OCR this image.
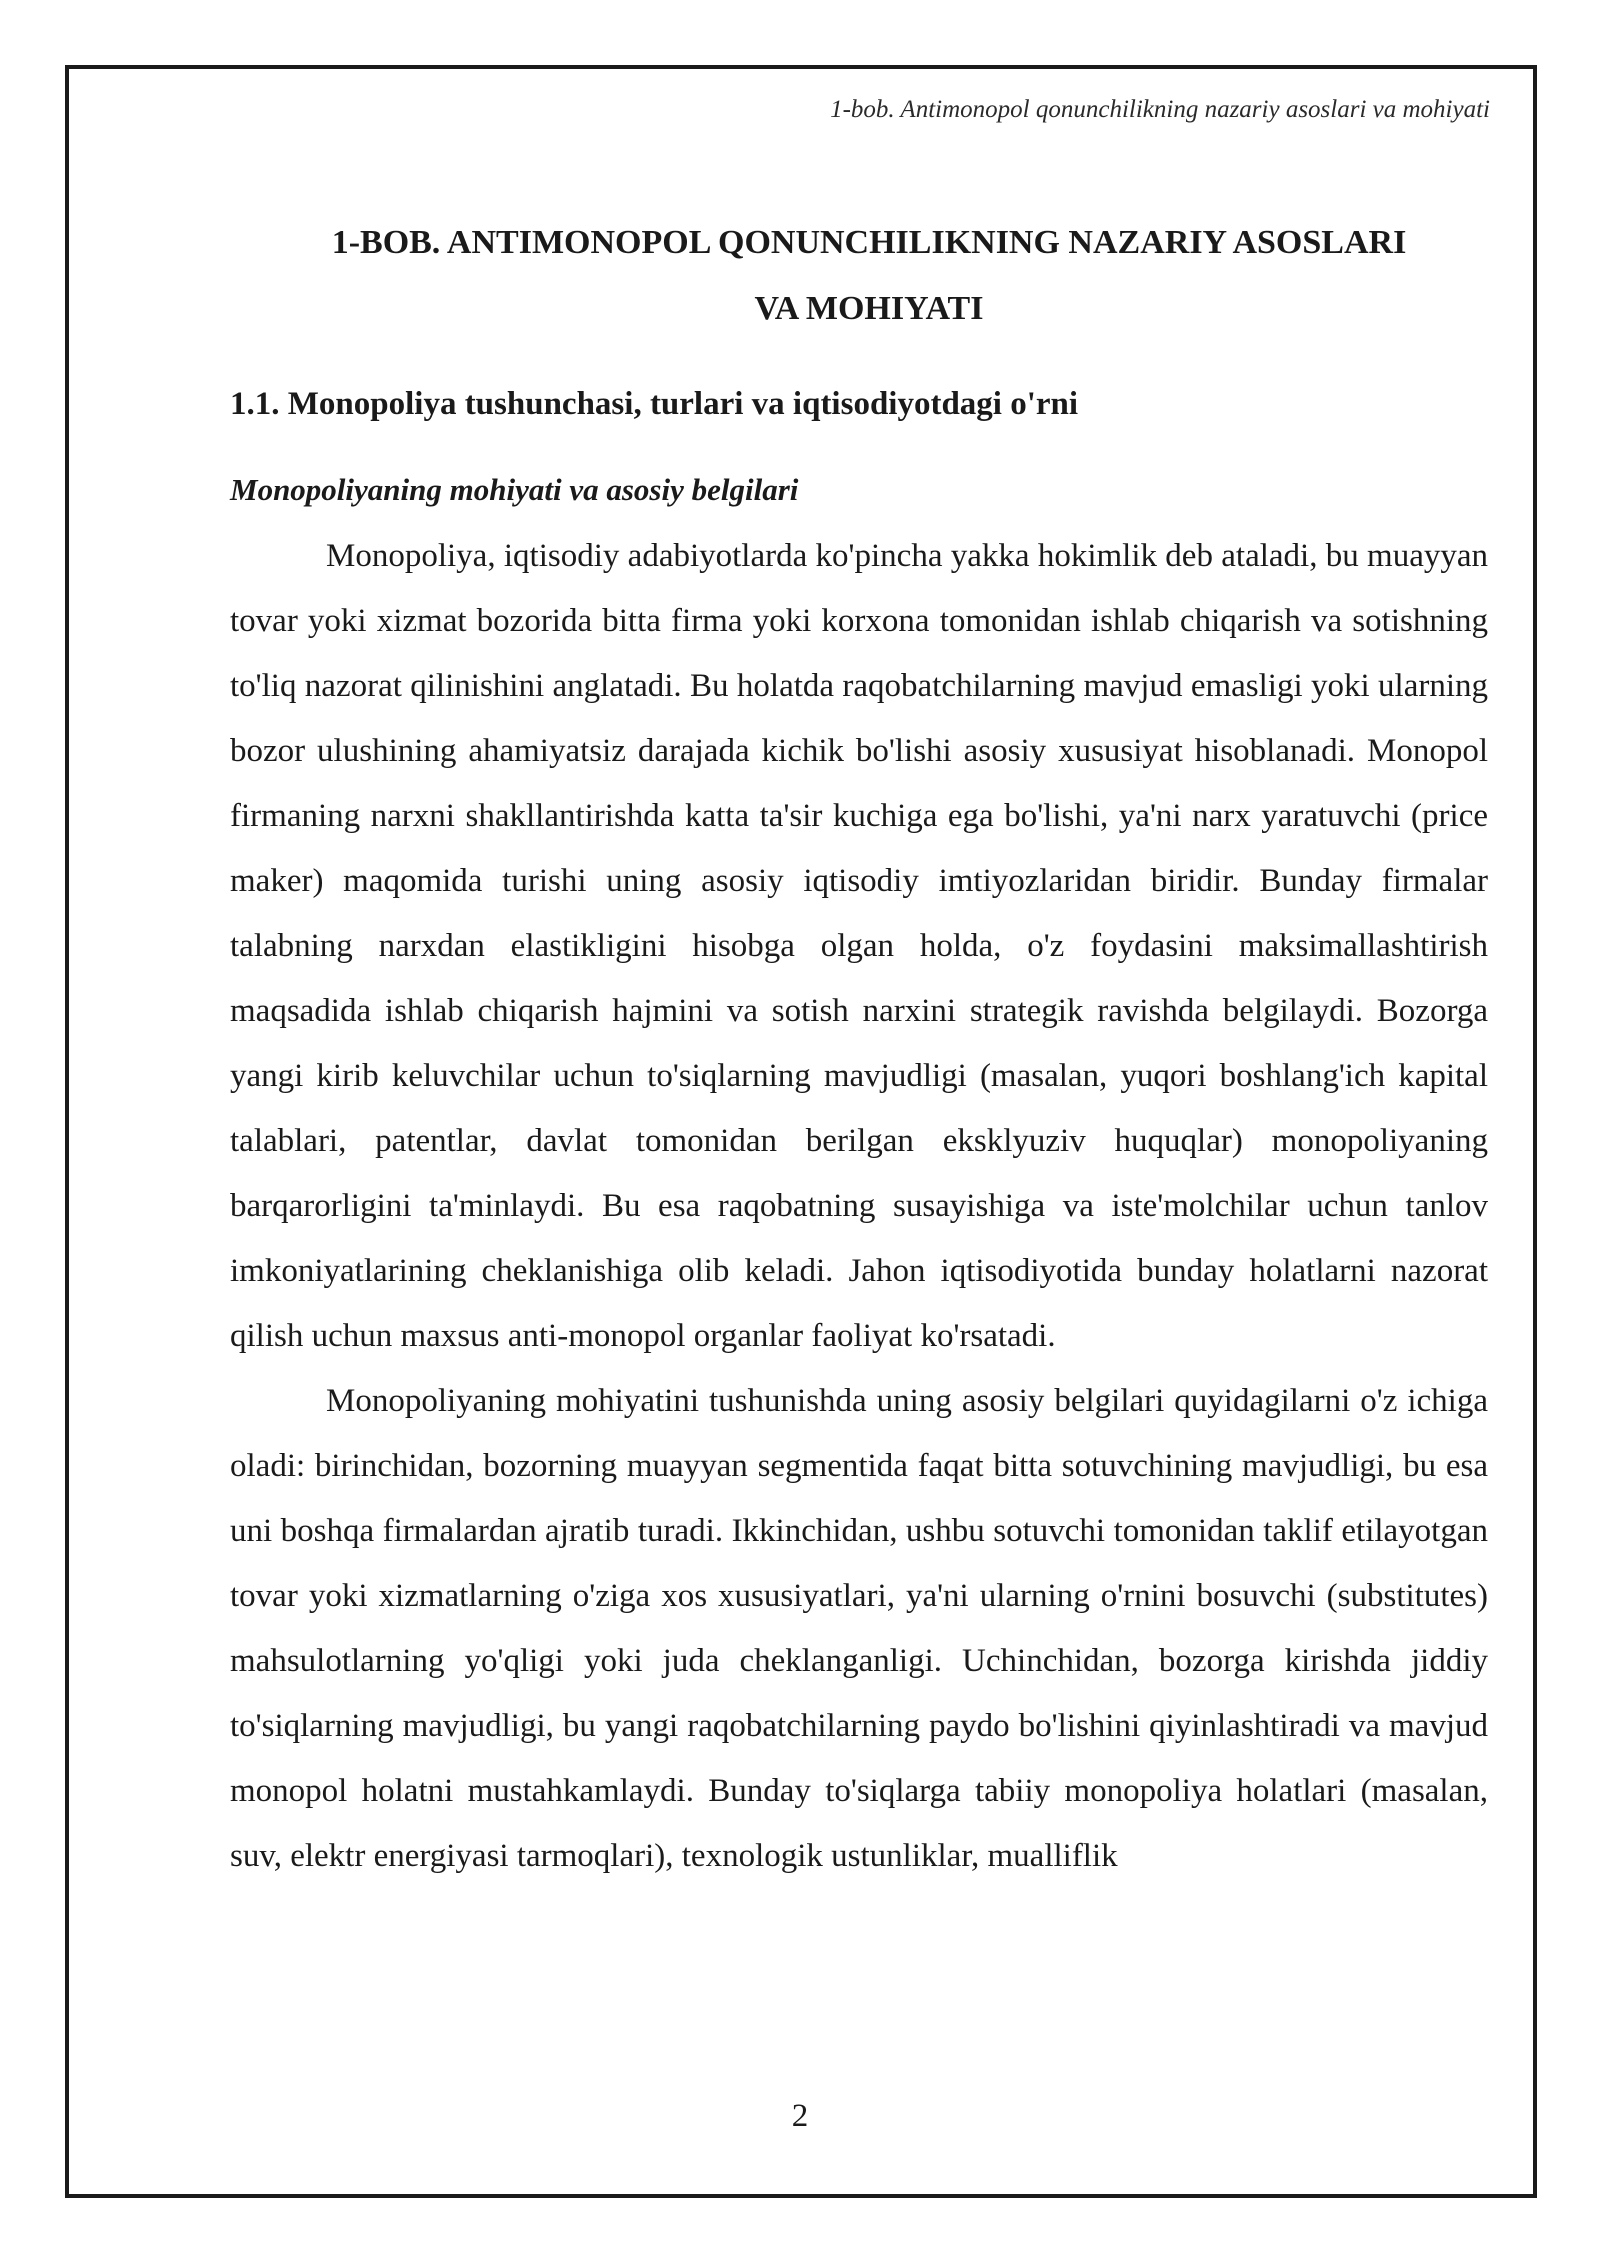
1-bob. Antimonopol qonunchilikning nazariy asoslari va mohiyati
1-BOB. ANTIMONOPOL QONUNCHILIKNING NAZARIY ASOSLARI
VA MOHIYATI
1.1. Monopoliya tushunchasi, turlari va iqtisodiyotdagi o'rni
Monopoliyaning mohiyati va asosiy belgilari

Monopoliya, iqtisodiy adabiyotlarda ko'pincha yakka hokimlik deb ataladi, bu muayyan tovar yoki xizmat bozorida bitta firma yoki korxona tomonidan ishlab chiqarish va sotishning to'liq nazorat qilinishini anglatadi. Bu holatda raqobatchilarning mavjud emasligi yoki ularning bozor ulushining ahamiyatsiz darajada kichik bo'lishi asosiy xususiyat hisoblanadi. Monopol firmaning narxni shakllantirishda katta ta'sir kuchiga ega bo'lishi, ya'ni narx yaratuvchi (price maker) maqomida turishi uning asosiy iqtisodiy imtiyozlaridan biridir. Bunday firmalar talabning narxdan elastikligini hisobga olgan holda, o'z foydasini maksimallashtirish maqsadida ishlab chiqarish hajmini va sotish narxini strategik ravishda belgilaydi. Bozorga yangi kirib keluvchilar uchun to'siqlarning mavjudligi (masalan, yuqori boshlang'ich kapital talablari, patentlar, davlat tomonidan berilgan eksklyuziv huquqlar) monopoliyaning barqarorligini ta'minlaydi. Bu esa raqobatning susayishiga va iste'molchilar uchun tanlov imkoniyatlarining cheklanishiga olib keladi. Jahon iqtisodiyotida bunday holatlarni nazorat qilish uchun maxsus anti-monopol organlar faoliyat ko'rsatadi.

Monopoliyaning mohiyatini tushunishda uning asosiy belgilari quyidagilarni o'z ichiga oladi: birinchidan, bozorning muayyan segmentida faqat bitta sotuvchining mavjudligi, bu esa uni boshqa firmalardan ajratib turadi. Ikkinchidan, ushbu sotuvchi tomonidan taklif etilayotgan tovar yoki xizmatlarning o'ziga xos xususiyatlari, ya'ni ularning o'rnini bosuvchi (substitutes) mahsulotlarning yo'qligi yoki juda cheklanganligi. Uchinchidan, bozorga kirishda jiddiy to'siqlarning mavjudligi, bu yangi raqobatchilarning paydo bo'lishini qiyinlashtiradi va mavjud monopol holatni mustahkamlaydi. Bunday to'siqlarga tabiiy monopoliya holatlari (masalan, suv, elektr energiyasi tarmoqlari), texnologik ustunliklar, mualliflik

2
